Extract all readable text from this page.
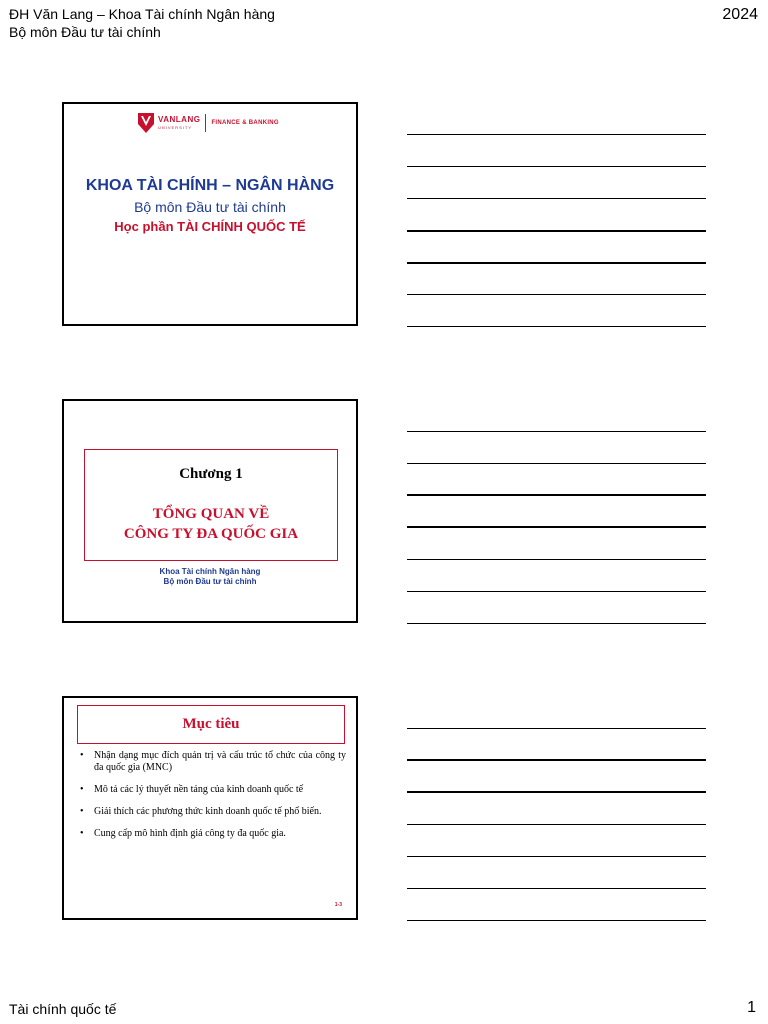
ĐH Văn Lang – Khoa Tài chính Ngân hàng
Bộ môn Đầu tư tài chính
2024
VANLANG
UNIVERSITY
FINANCE & BANKING
KHOA TÀI CHÍNH – NGÂN HÀNG
Bộ môn Đầu tư tài chính
Học phần TÀI CHÍNH QUỐC TẾ
Chương 1
TỔNG QUAN VỀ
CÔNG TY ĐA QUỐC GIA
Khoa Tài chính Ngân hàng
Bộ môn Đầu tư tài chính
Mục tiêu
• Nhận dạng mục đích quản trị và cấu trúc tổ chức của công ty đa quốc gia (MNC)
• Mô tả các lý thuyết nền tảng của kinh doanh quốc tế
• Giải thích các phương thức kinh doanh quốc tế phổ biến.
• Cung cấp mô hình định giá công ty đa quốc gia.
1-3
Tài chính quốc tế	1
